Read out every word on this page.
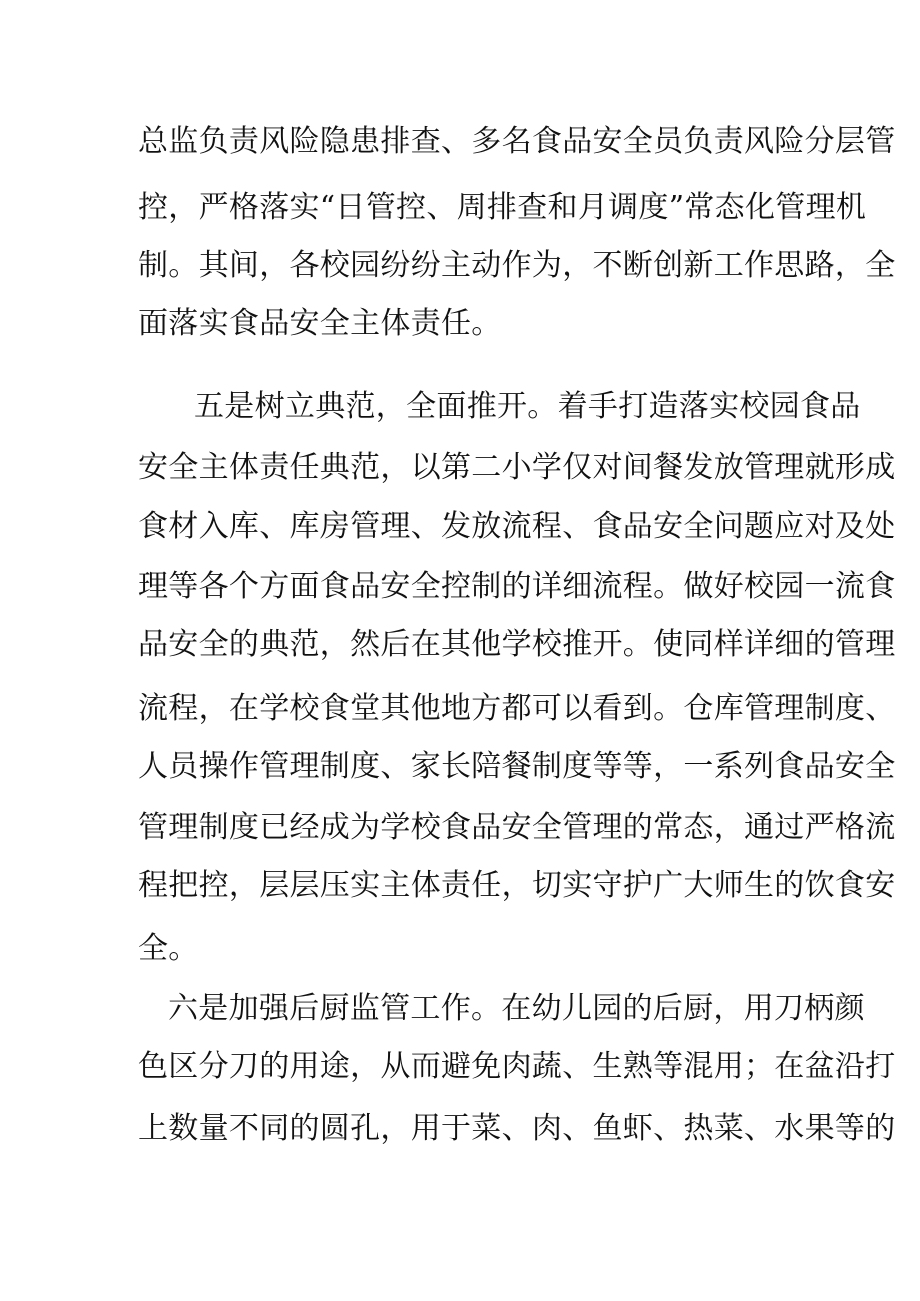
总监负责风险隐患排查、多名食品安全员负责风险分层管
控，严格落实“日管控、周排查和月调度”常态化管理机
制。其间，各校园纷纷主动作为，不断创新工作思路，全
面落实食品安全主体责任。
五是树立典范，全面推开。着手打造落实校园食品
安全主体责任典范，以第二小学仅对间餐发放管理就形成
食材入库、库房管理、发放流程、食品安全问题应对及处
理等各个方面食品安全控制的详细流程。做好校园一流食
品安全的典范，然后在其他学校推开。使同样详细的管理
流程，在学校食堂其他地方都可以看到。仓库管理制度、
人员操作管理制度、家长陪餐制度等等，一系列食品安全
管理制度已经成为学校食品安全管理的常态，通过严格流
程把控，层层压实主体责任，切实守护广大师生的饮食安
全。
六是加强后厨监管工作。在幼儿园的后厨，用刀柄颜
色区分刀的用途，从而避免肉蔬、生熟等混用；在盆沿打
上数量不同的圆孔，用于菜、肉、鱼虾、热菜、水果等的
